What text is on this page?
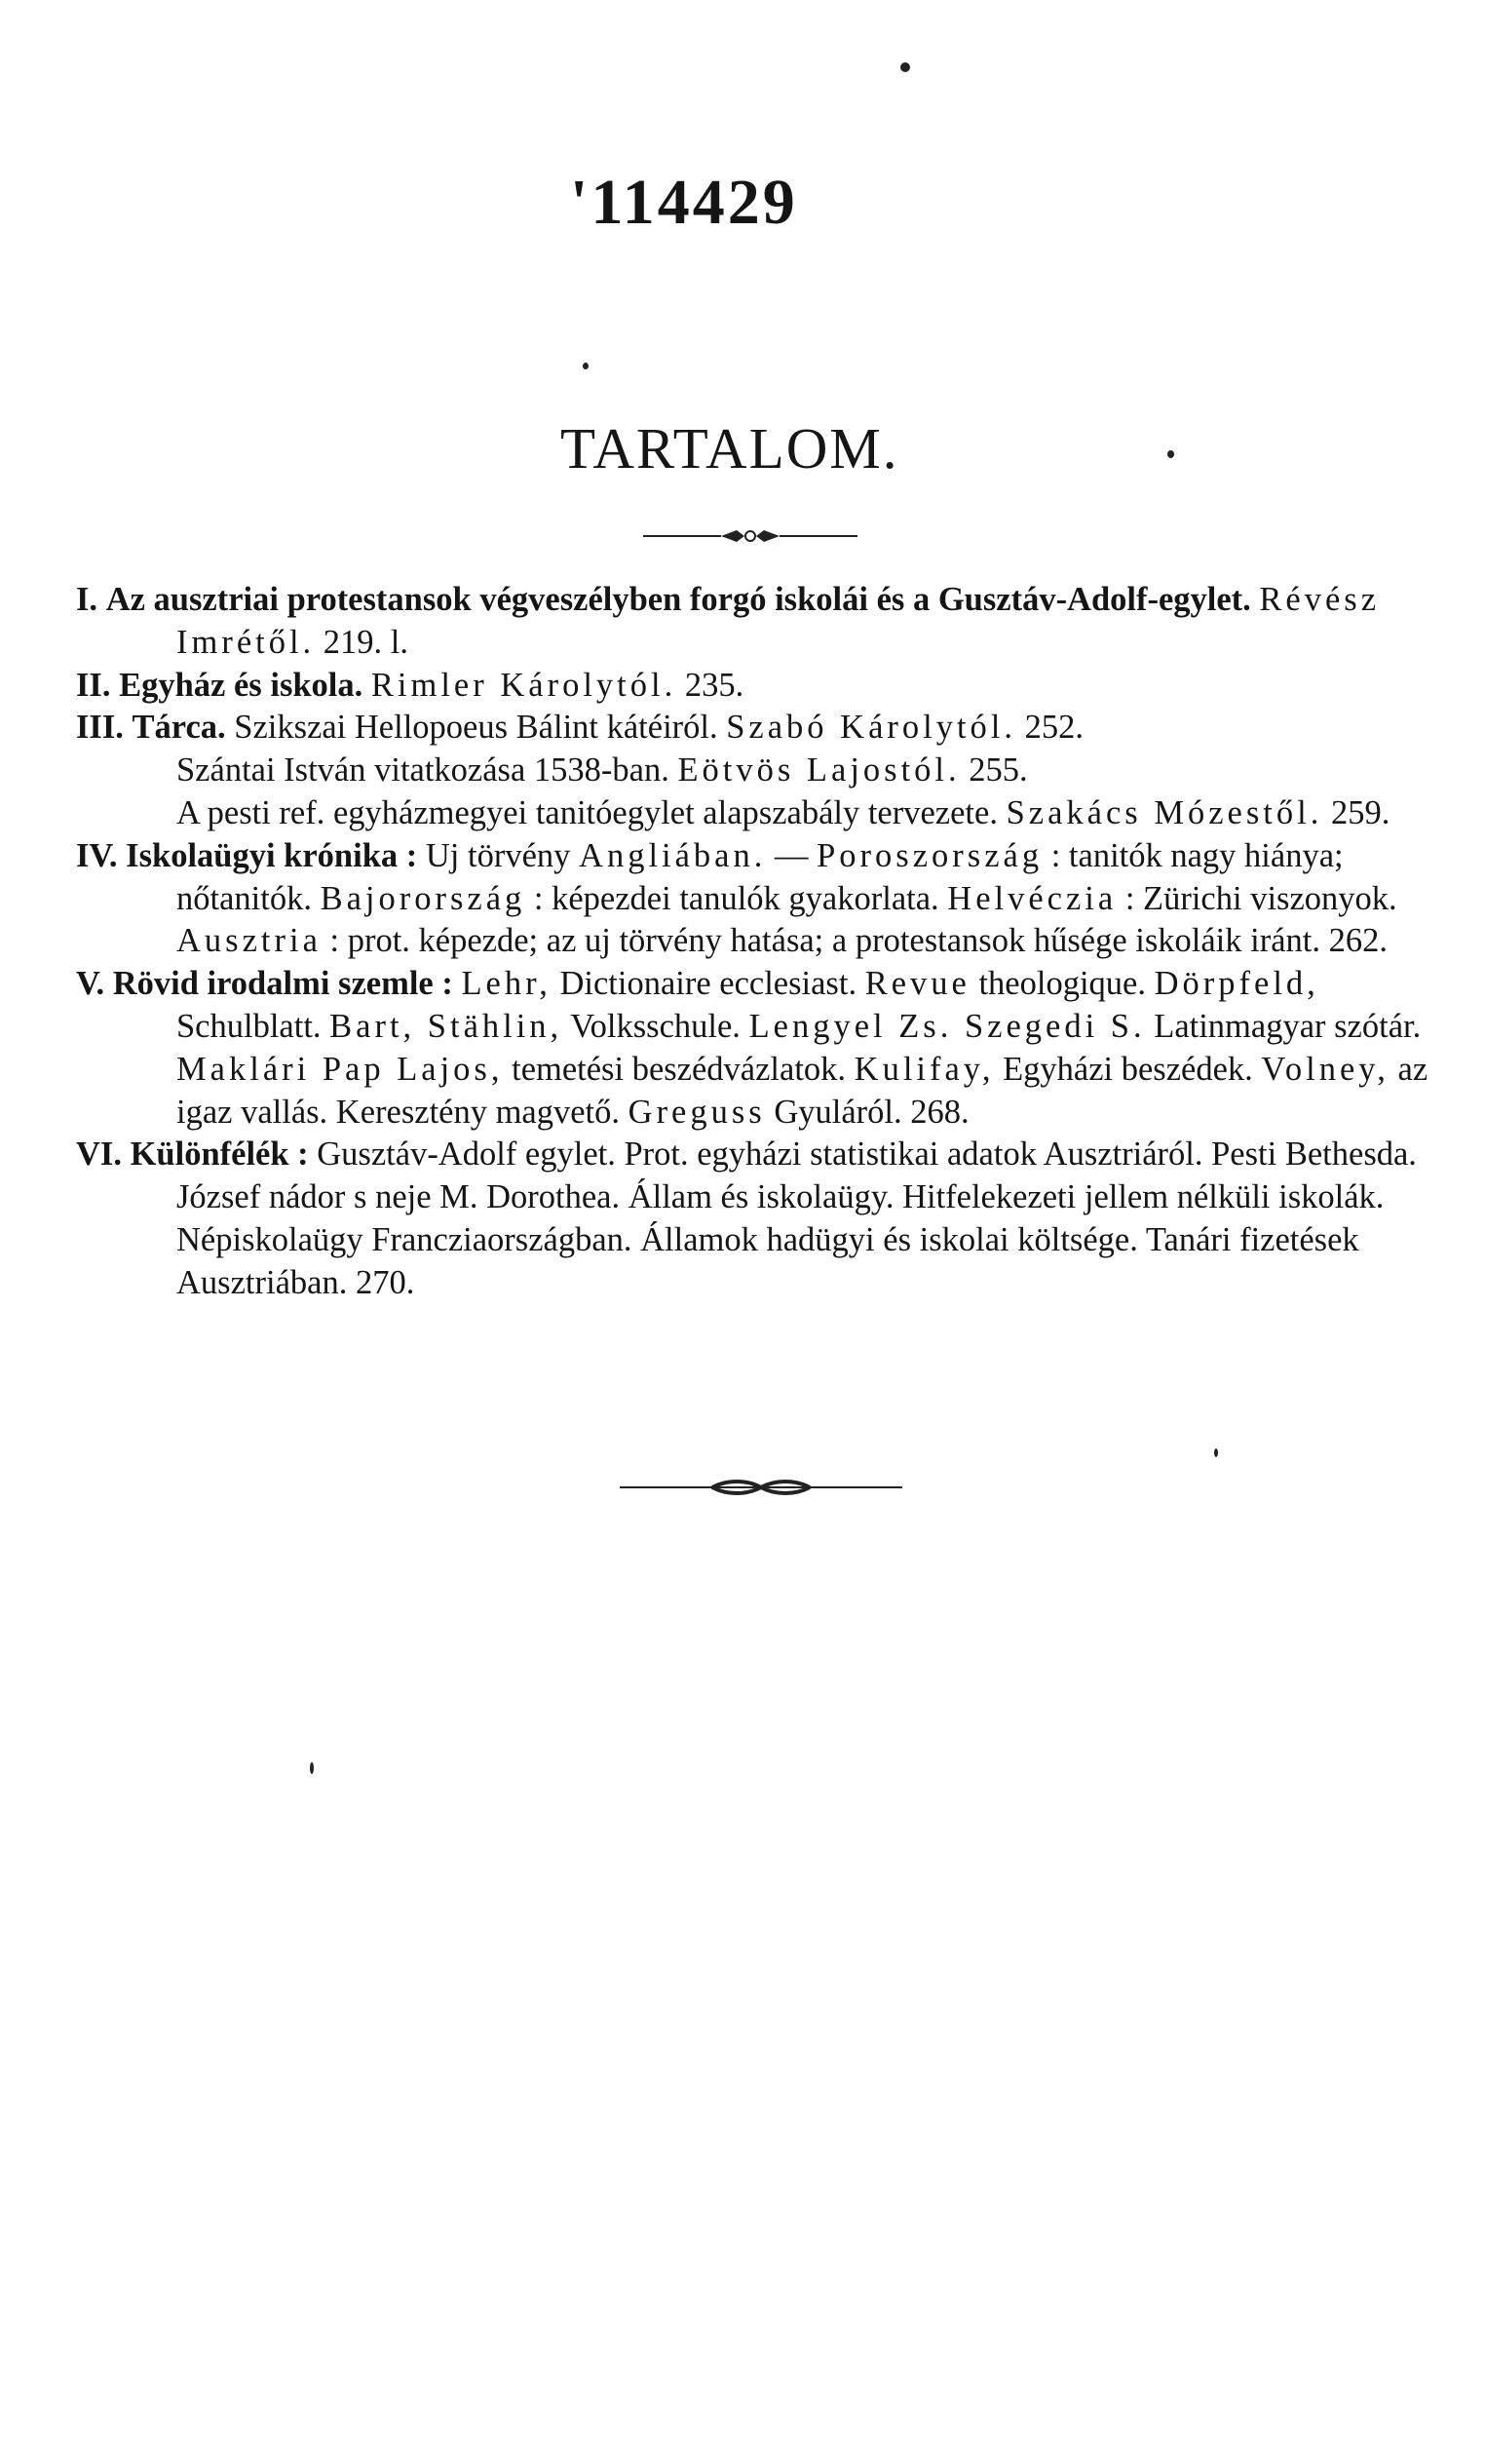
'114429
TARTALOM.

I. Az ausztriai protestansok végveszélyben forgó iskolái és a Gusztáv-Adolf-egylet. Révész Imrétől. 219. l.

II. Egyház és iskola. Rimler Károlytól. 235.

III. Tárca. Szikszai Hellopoeus Bálint kátéiról. Szabó Károlytól. 252.

Szántai István vitatkozása 1538-ban. Eötvös Lajostól. 255.

A pesti ref. egyházmegyei tanitóegylet alapszabály tervezete. Szakács Mózestől. 259.

IV. Iskolaügyi krónika : Uj törvény Angliában. — Poroszország : tanitók nagy hiánya; nőtanitók. Bajorország : képezdei tanulók gyakorlata. Helvéczia : Zürichi viszonyok. Ausztria : prot. képezde; az uj törvény hatása; a protestansok hűsége iskoláik iránt. 262.

V. Rövid irodalmi szemle : Lehr, Dictionaire ecclesiast. Revue theologique. Dörpfeld, Schulblatt. Bart, Stählin, Volksschule. Lengyel Zs. Szegedi S. Latinmagyar szótár. Maklári Pap Lajos, temetési beszédvázlatok. Kulifay, Egyházi beszédek. Volney, az igaz vallás. Keresztény magvető. Greguss Gyuláról. 268.

VI. Különfélék : Gusztáv-Adolf egylet. Prot. egyházi statistikai adatok Ausztriáról. Pesti Bethesda. József nádor s neje M. Dorothea. Állam és iskolaügy. Hitfelekezeti jellem nélküli iskolák. Népiskolaügy Francziaországban. Államok hadügyi és iskolai költsége. Tanári fizetések Ausztriában. 270.
